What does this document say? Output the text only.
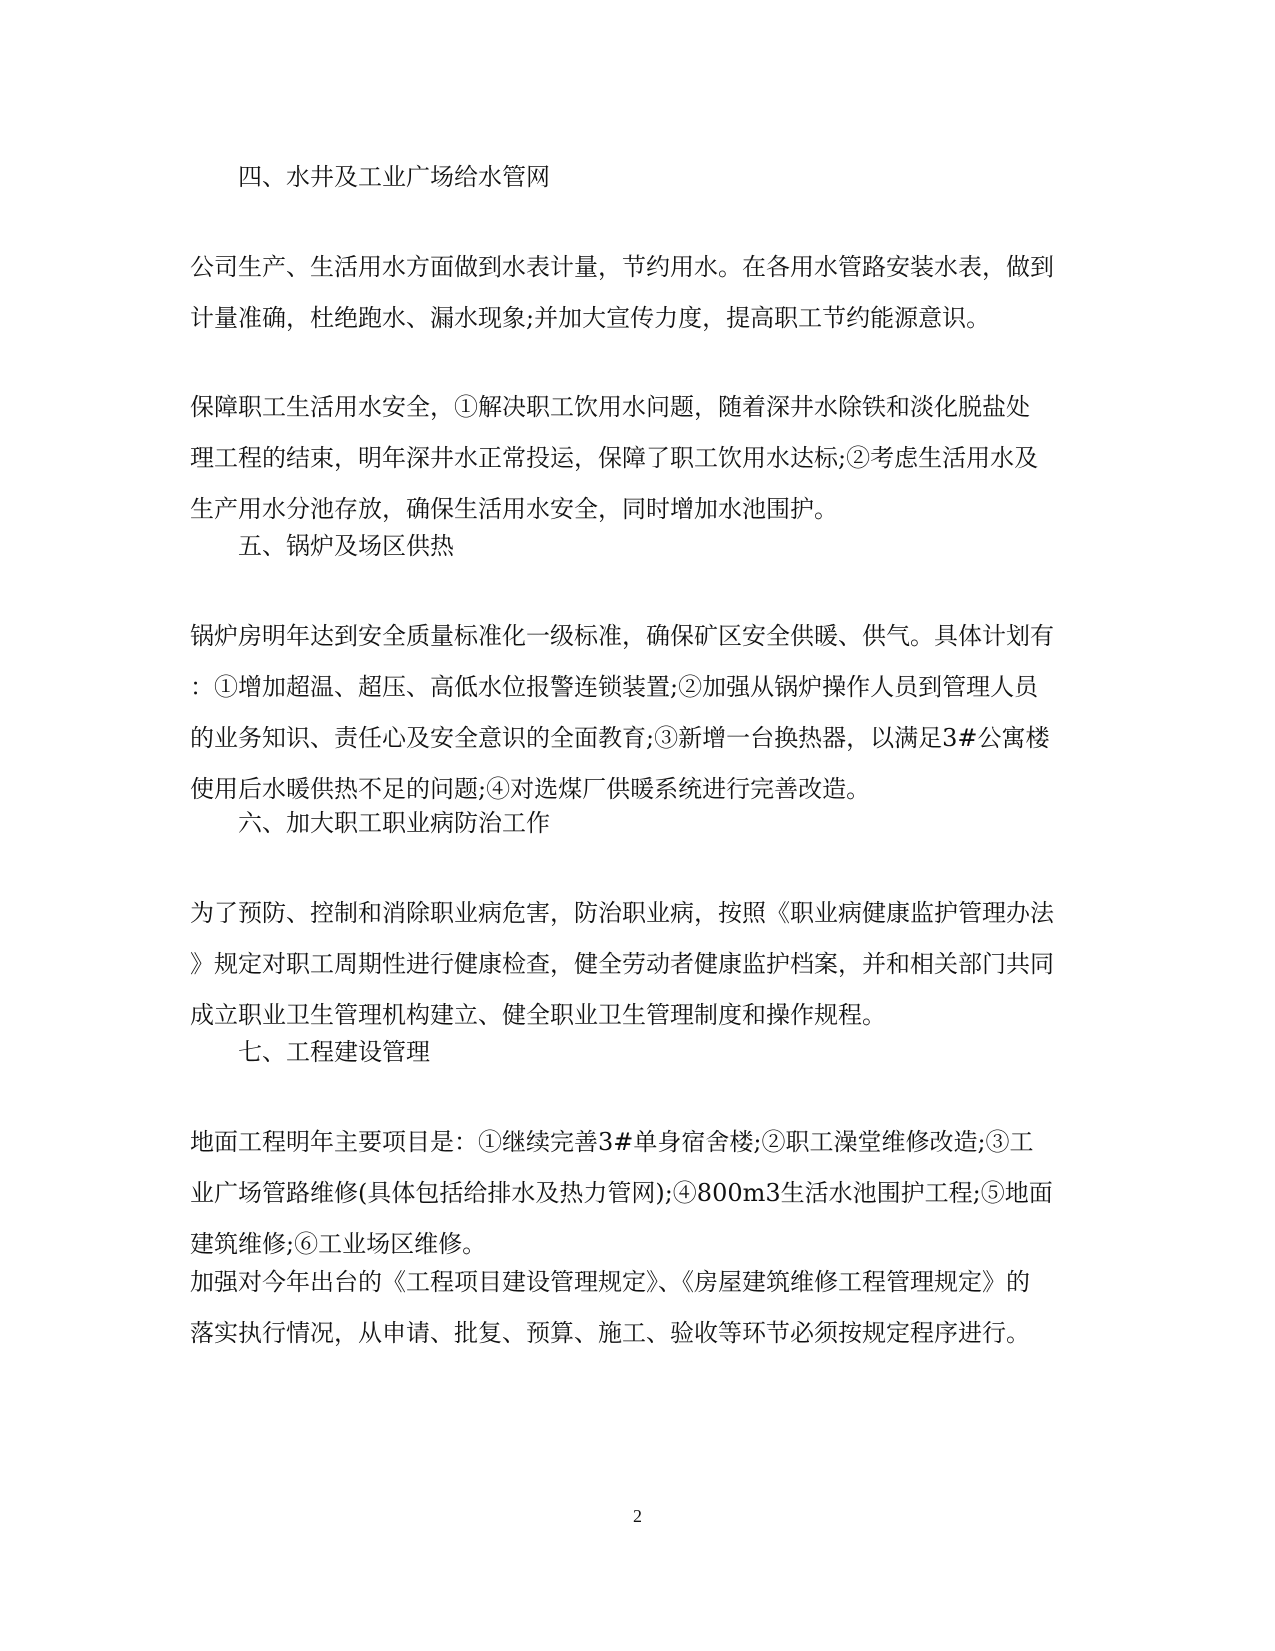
四、水井及工业广场给水管网

公司生产、生活用水方面做到水表计量，节约用水。在各用水管路安装水表，做到
计量准确，杜绝跑水、漏水现象;并加大宣传力度，提高职工节约能源意识。

保障职工生活用水安全，①解决职工饮用水问题，随着深井水除铁和淡化脱盐处
理工程的结束，明年深井水正常投运，保障了职工饮用水达标;②考虑生活用水及
生产用水分池存放，确保生活用水安全，同时增加水池围护。

五、锅炉及场区供热

锅炉房明年达到安全质量标准化一级标准，确保矿区安全供暖、供气。具体计划有
：①增加超温、超压、高低水位报警连锁装置;②加强从锅炉操作人员到管理人员
的业务知识、责任心及安全意识的全面教育;③新增一台换热器，以满足3#公寓楼
使用后水暖供热不足的问题;④对选煤厂供暖系统进行完善改造。

六、加大职工职业病防治工作

为了预防、控制和消除职业病危害，防治职业病，按照《职业病健康监护管理办法
》规定对职工周期性进行健康检查，健全劳动者健康监护档案，并和相关部门共同
成立职业卫生管理机构建立、健全职业卫生管理制度和操作规程。

七、工程建设管理

地面工程明年主要项目是：①继续完善3#单身宿舍楼;②职工澡堂维修改造;③工
业广场管路维修(具体包括给排水及热力管网);④800m3生活水池围护工程;⑤地面
建筑维修;⑥工业场区维修。

加强对今年出台的《工程项目建设管理规定》、《房屋建筑维修工程管理规定》的
落实执行情况，从申请、批复、预算、施工、验收等环节必须按规定程序进行。

2
